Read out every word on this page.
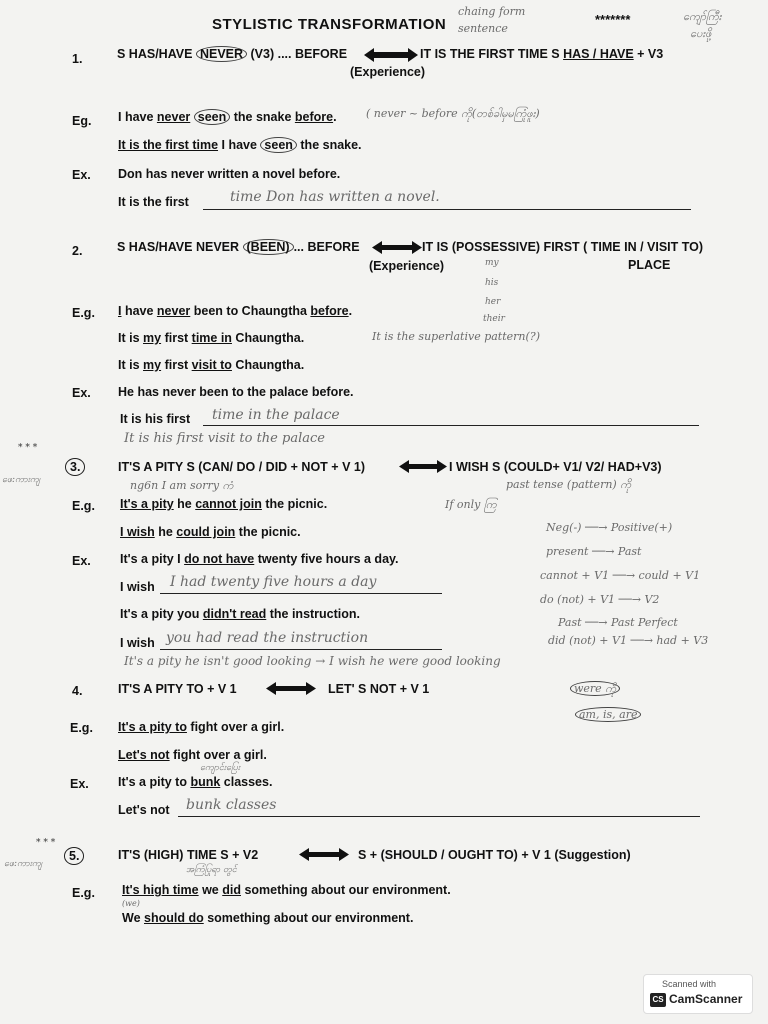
STYLISTIC TRANSFORMATION
chaing form
sentence
*******	ကျော်ကြီး
ပေးဖို့
1.	S HAS/HAVE NEVER (V3) .... BEFORE	IT IS THE FIRST TIME S HAS / HAVE + V3
(Experience)
Eg. I have never seen the snake before.	( never ~ before ကို(တစ်ခါမှမကြုံဖူး)
It is the first time I have seen the snake.
Ex. Don has never written a novel before.
It is the first	time Don has written a novel.
2.	S HAS/HAVE NEVER (BEEN) ... BEFORE	IT IS (POSSESSIVE) FIRST ( TIME IN / VISIT TO)
(Experience)	PLACE
my
his
her
their
E.g. I have never been to Chaungtha before.
It is my first time in Chaungtha.	It is the superlative pattern(?)
It is my first visit to Chaungtha.
Ex. He has never been to the palace before.
It is his first time in the palace
It is his first visit to the palace
* * *
ဖေ:ကားကျ
3.	IT'S A PITY S (CAN/ DO / DID + NOT + V 1)	I WISH S (COULD+ V1/ V2/ HAD+V3)
ng6n I am sorry ကံ	past tense (pattern) ကို
E.g. It's a pity he cannot join the picnic.	If only ကြ
I wish he could join the picnic.
Ex. It's a pity I do not have twenty five hours a day.
I wish I had twenty five hours a day
It's a pity you didn't read the instruction.
I wish you had read the instruction
It's a pity he isn't good looking → I wish he were good looking
Neg(-) ──→ Positive(+)
present ──→ Past
cannot + V1 ──→ could + V1
do (not) + V1 ──→ V2
Past ──→ Past Perfect
did (not) + V1 ──→ had + V3
were ကို
am, is, are
4.	IT'S A PITY TO + V 1	LET' S NOT + V 1
E.g. It's a pity to fight over a girl.
Let's not fight over a girl.
ကျောင်းပြေး
Ex. It's a pity to bunk classes.
Let's not bunk classes
* * *
ဖေ:ကားကျ
5.	IT'S (HIGH) TIME S + V2	S + (SHOULD / OUGHT TO) + V 1 (Suggestion)
အကြံပြုရာ တွင်
E.g. It's high time we did something about our environment.
(we)
We should do something about our environment.
Scanned with
CS CamScanner
